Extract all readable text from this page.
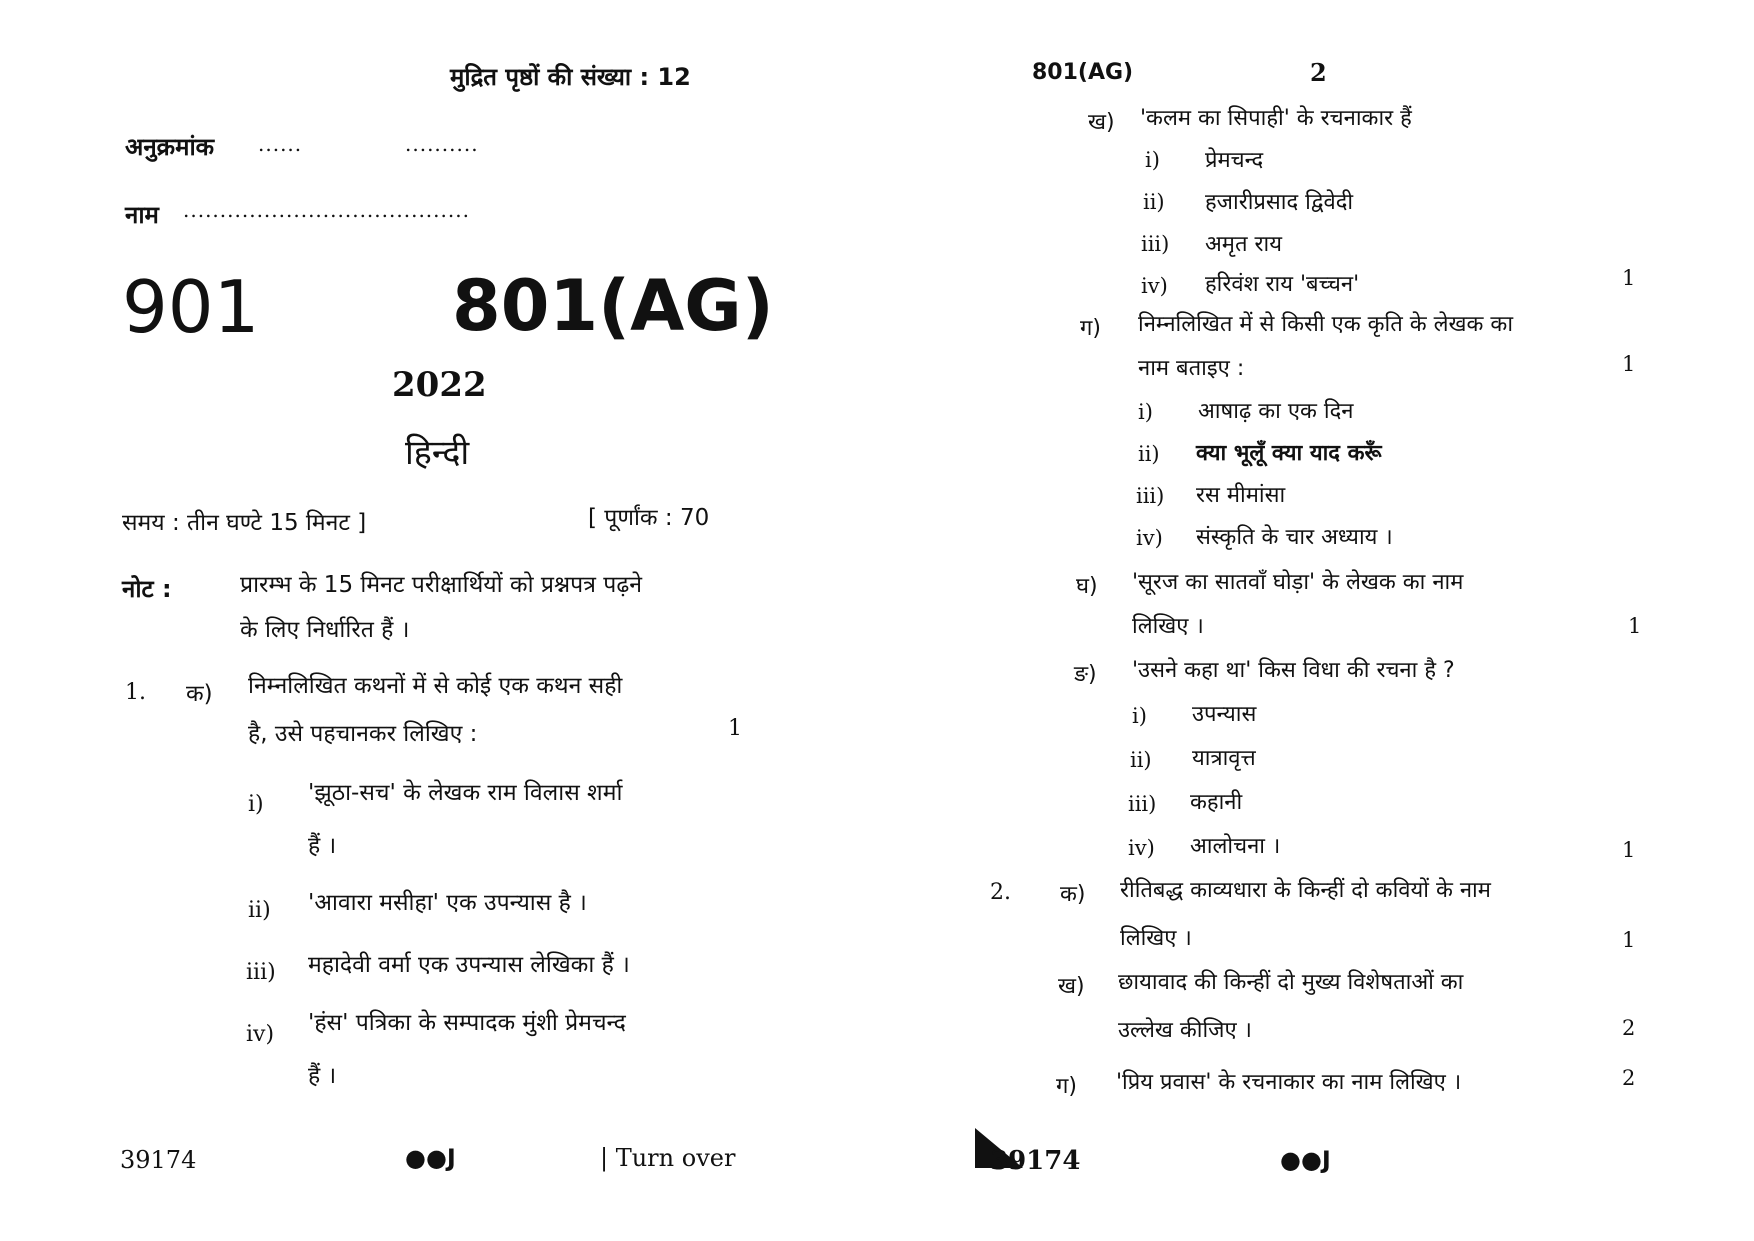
मुद्रित पृष्ठों की संख्या : 12
अनुक्रमांक ......	..........
नाम .......................................
901	801(AG)
2022
हिन्दी
समय : तीन घण्टे 15 मिनट ]	[ पूर्णांक : 70
नोट :	प्रारम्भ के 15 मिनट परीक्षार्थियों को प्रश्नपत्र पढ़ने
के लिए निर्धारित हैं ।
1. क) निम्नलिखित कथनों में से कोई एक कथन सही
है, उसे पहचानकर लिखिए :	1
i) 'झूठा-सच' के लेखक राम विलास शर्मा
हैं ।
ii) 'आवारा मसीहा' एक उपन्यास है ।
iii) महादेवी वर्मा एक उपन्यास लेखिका हैं ।
iv) 'हंस' पत्रिका के सम्पादक मुंशी प्रेमचन्द
हैं ।
39174	●●J	| Turn over
801(AG)	2
ख) 'कलम का सिपाही' के रचनाकार हैं
i) प्रेमचन्द
ii) हजारीप्रसाद द्विवेदी
iii) अमृत राय
iv) हरिवंश राय 'बच्चन'	1
ग) निम्नलिखित में से किसी एक कृति के लेखक का
नाम बताइए :	1
i) आषाढ़ का एक दिन
ii) क्या भूलूँ क्या याद करूँ
iii) रस मीमांसा
iv) संस्कृति के चार अध्याय ।
घ) 'सूरज का सातवाँ घोड़ा' के लेखक का नाम
लिखिए ।	1
ङ) 'उसने कहा था' किस विधा की रचना है ?
i) उपन्यास
ii) यात्रावृत्त
iii) कहानी
iv) आलोचना ।	1
2. क) रीतिबद्ध काव्यधारा के किन्हीं दो कवियों के नाम
लिखिए ।	1
ख) छायावाद की किन्हीं दो मुख्य विशेषताओं का
उल्लेख कीजिए ।	2
ग) 'प्रिय प्रवास' के रचनाकार का नाम लिखिए ।	2
39174	●●J
